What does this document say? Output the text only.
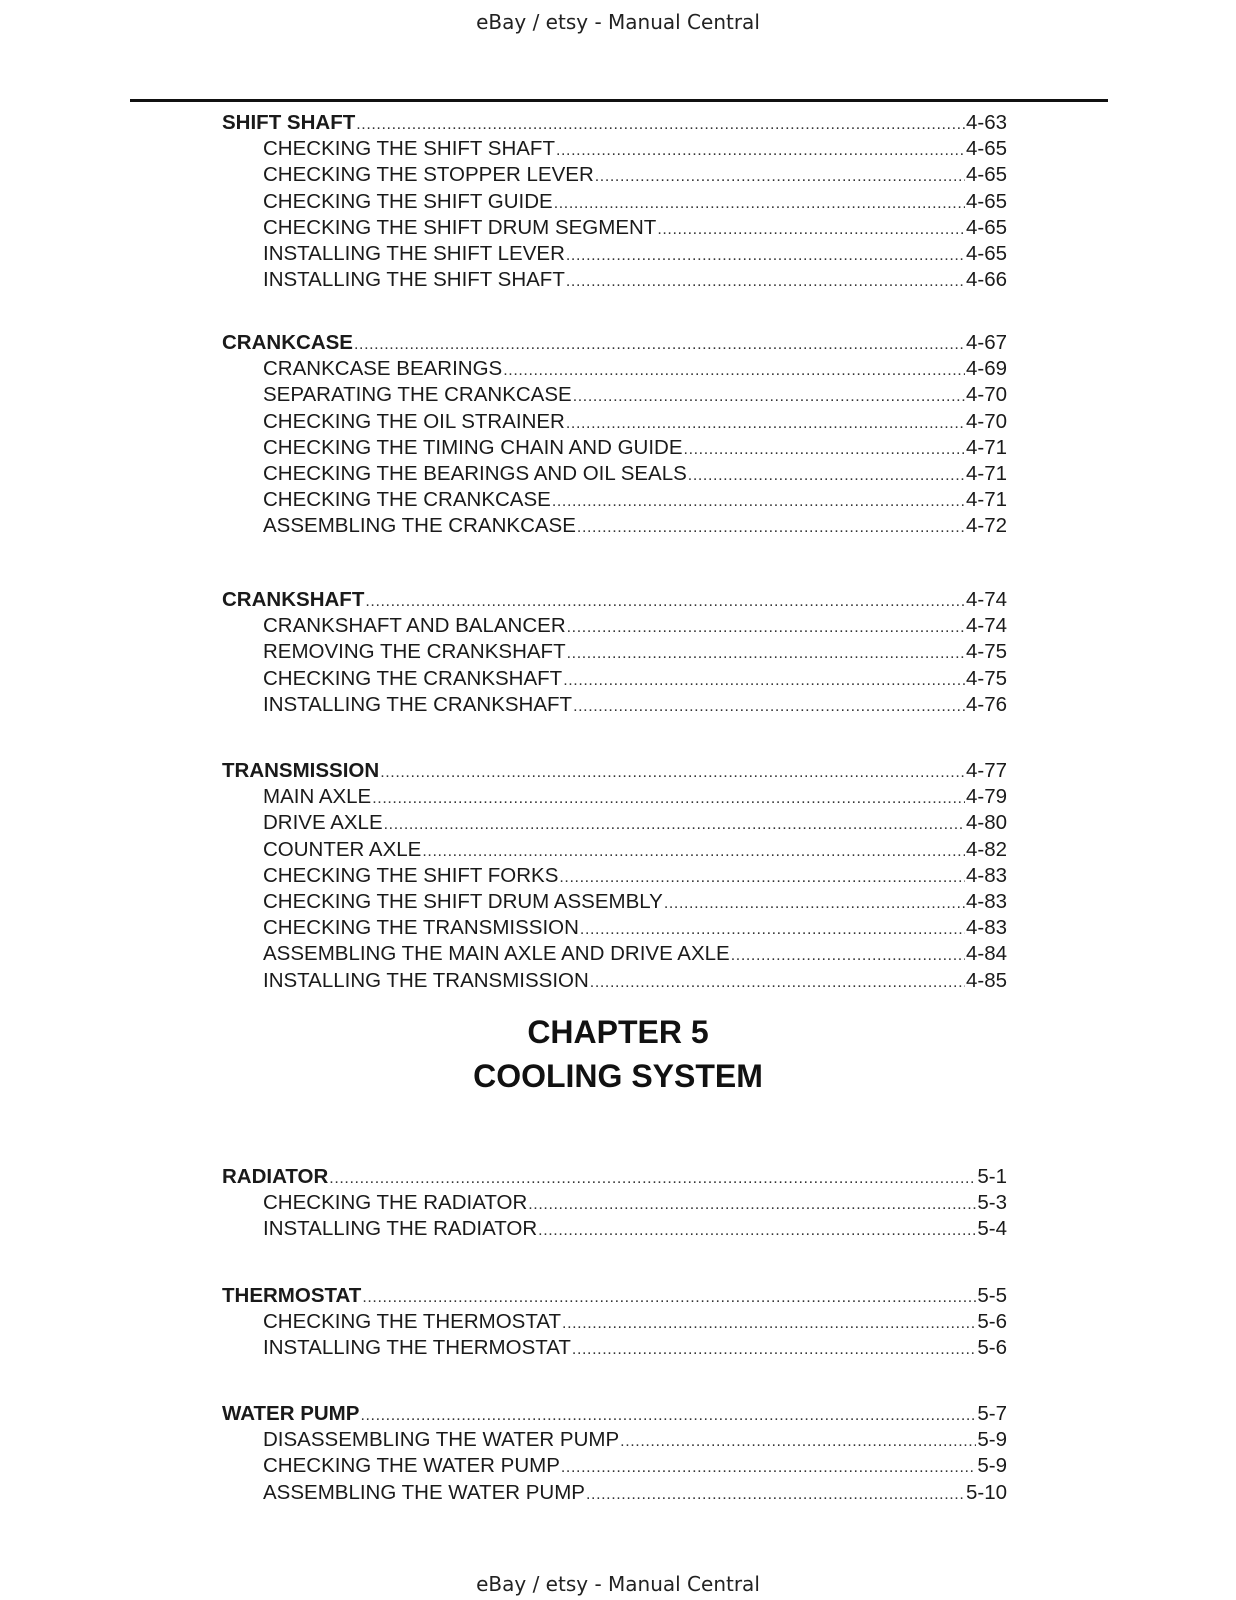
eBay / etsy - Manual Central
SHIFT SHAFT .....	4-63
CHECKING THE SHIFT SHAFT .....	4-65
CHECKING THE STOPPER LEVER .....	4-65
CHECKING THE SHIFT GUIDE .....	4-65
CHECKING THE SHIFT DRUM SEGMENT .....	4-65
INSTALLING THE SHIFT LEVER .....	4-65
INSTALLING THE SHIFT SHAFT .....	4-66
CRANKCASE .....	4-67
CRANKCASE BEARINGS .....	4-69
SEPARATING THE CRANKCASE .....	4-70
CHECKING THE OIL STRAINER .....	4-70
CHECKING THE TIMING CHAIN AND GUIDE .....	4-71
CHECKING THE BEARINGS AND OIL SEALS .....	4-71
CHECKING THE CRANKCASE .....	4-71
ASSEMBLING THE CRANKCASE .....	4-72
CRANKSHAFT .....	4-74
CRANKSHAFT AND BALANCER .....	4-74
REMOVING THE CRANKSHAFT .....	4-75
CHECKING THE CRANKSHAFT .....	4-75
INSTALLING THE CRANKSHAFT .....	4-76
TRANSMISSION .....	4-77
MAIN AXLE .....	4-79
DRIVE AXLE .....	4-80
COUNTER AXLE .....	4-82
CHECKING THE SHIFT FORKS .....	4-83
CHECKING THE SHIFT DRUM ASSEMBLY .....	4-83
CHECKING THE TRANSMISSION .....	4-83
ASSEMBLING THE MAIN AXLE AND DRIVE AXLE .....	4-84
INSTALLING THE TRANSMISSION .....	4-85
CHAPTER 5
COOLING SYSTEM
RADIATOR .....	5-1
CHECKING THE RADIATOR .....	5-3
INSTALLING THE RADIATOR .....	5-4
THERMOSTAT .....	5-5
CHECKING THE THERMOSTAT .....	5-6
INSTALLING THE THERMOSTAT .....	5-6
WATER PUMP .....	5-7
DISASSEMBLING THE WATER PUMP .....	5-9
CHECKING THE WATER PUMP .....	5-9
ASSEMBLING THE WATER PUMP .....	5-10
eBay / etsy - Manual Central
